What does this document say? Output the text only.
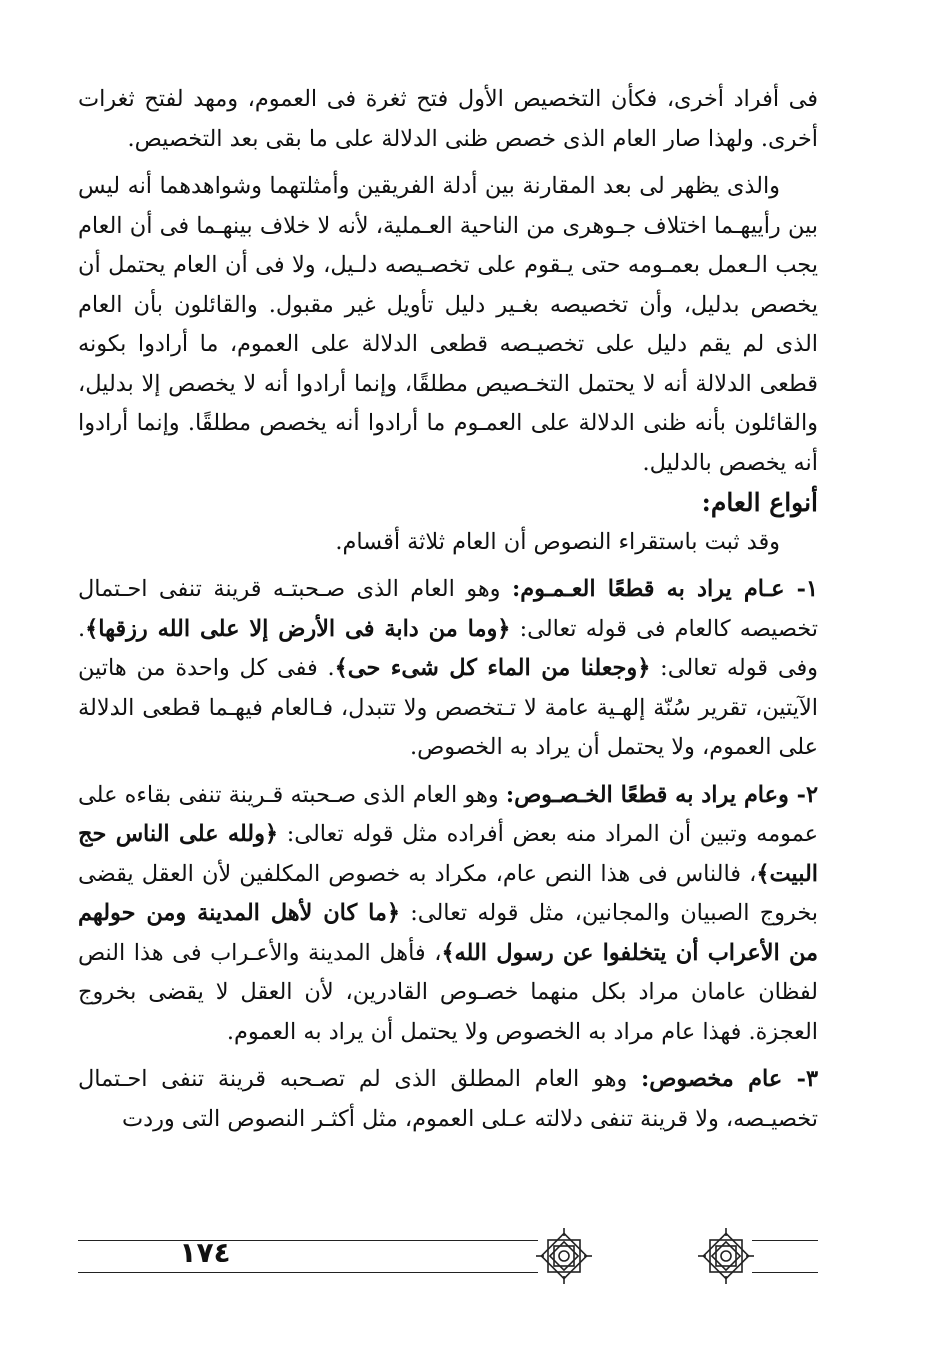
فى أفراد أخرى، فكأن التخصيص الأول فتح ثغرة فى العموم، ومهد لفتح ثغرات أخرى. ولهذا صار العام الذى خصص ظنى الدلالة على ما بقى بعد التخصيص.

والذى يظهر لى بعد المقارنة بين أدلة الفريقين وأمثلتهما وشواهدهما أنه ليس بين رأييهـما اختلاف جـوهرى من الناحية العـملية، لأنه لا خلاف بينهـما فى أن العام يجب الـعمل بعمـومه حتى يـقوم على تخصـيصه دلـيل، ولا فى أن العام يحتمل أن يخصص بدليل، وأن تخصيصه بغـير دليل تأويل غير مقبول. والقائلون بأن العام الذى لم يقم دليل على تخصيـصه قطعى الدلالة على العموم، ما أرادوا بكونه قطعى الدلالة أنه لا يحتمل التخـصيص مطلقًا، وإنما أرادوا أنه لا يخصص إلا بدليل، والقائلون بأنه ظنى الدلالة على العمـوم ما أرادوا أنه يخصص مطلقًا. وإنما أرادوا أنه يخصص بالدليل.

أنواع العام:

وقد ثبت باستقراء النصوص أن العام ثلاثة أقسام.

١- عـام يراد به قطعًا العـمـوم: وهو العام الذى صـحبتـه قرينة تنفى احـتمال تخصيصه كالعام فى قوله تعالى: ﴿وما من دابة فى الأرض إلا على الله رزقها﴾. وفى قوله تعالى: ﴿وجعلنا من الماء كل شىء حى﴾. ففى كل واحدة من هاتين الآيتين، تقرير سُنّة إلهـية عامة لا تـتخصص ولا تتبدل، فـالعام فيهـما قطعى الدلالة على العموم، ولا يحتمل أن يراد به الخصوص.

٢- وعام يراد به قطعًا الخـصـوص: وهو العام الذى صـحبته قـرينة تنفى بقاءه على عمومه وتبين أن المراد منه بعض أفراده مثل قوله تعالى: ﴿ولله على الناس حج البيت﴾، فالناس فى هذا النص عام، مكراد به خصوص المكلفين لأن العقل يقضى بخروج الصبيان والمجانين، مثل قوله تعالى: ﴿ما كان لأهل المدينة ومن حولهم من الأعراب أن يتخلفوا عن رسول الله﴾، فأهل المدينة والأعـراب فى هذا النص لفظان عامان مراد بكل منهما خصـوص القادرين، لأن العقل لا يقضى بخروج العجزة. فهذا عام مراد به الخصوص ولا يحتمل أن يراد به العموم.

٣- عام مخصوص: وهو العام المطلق الذى لم تصـحبه قرينة تنفى احـتمال تخصيـصه، ولا قرينة تنفى دلالته عـلى العموم، مثل أكثـر النصوص التى وردت

١٧٤
